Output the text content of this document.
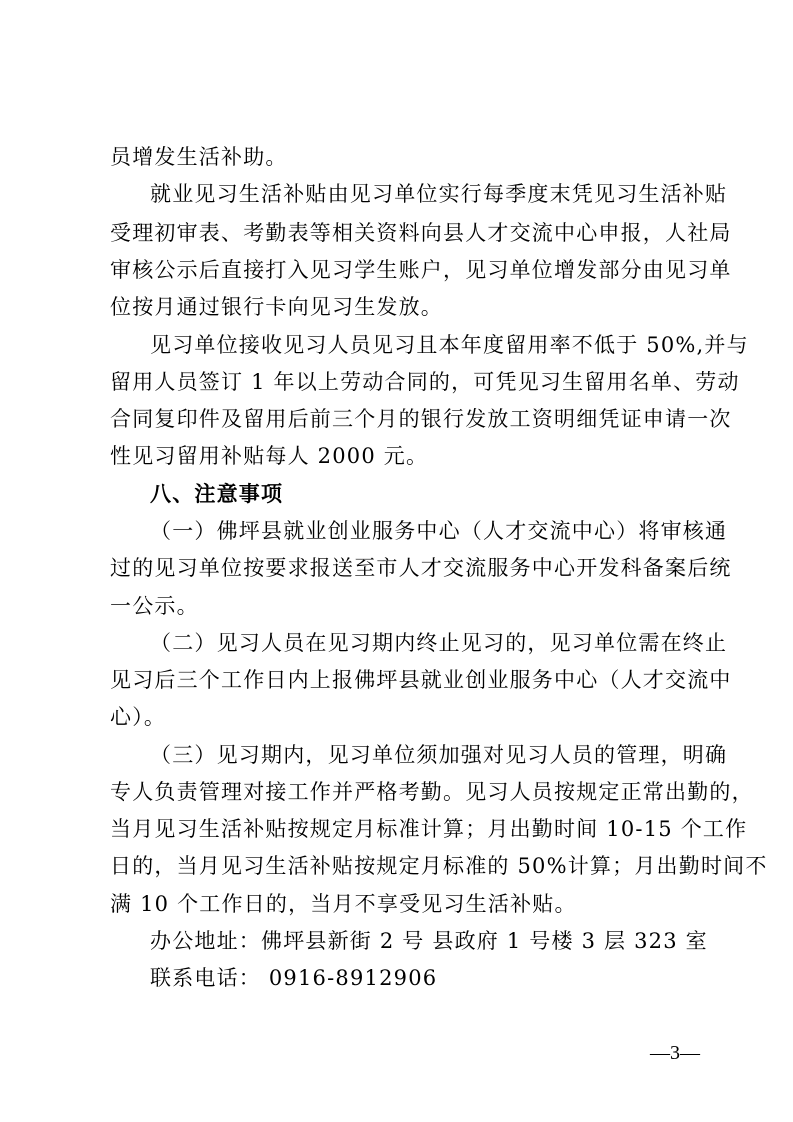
员增发生活补助。
就业见习生活补贴由见习单位实行每季度末凭见习生活补贴
受理初审表、考勤表等相关资料向县人才交流中心申报，人社局
审核公示后直接打入见习学生账户，见习单位增发部分由见习单
位按月通过银行卡向见习生发放。
见习单位接收见习人员见习且本年度留用率不低于 50%,并与
留用人员签订 1 年以上劳动合同的，可凭见习生留用名单、劳动
合同复印件及留用后前三个月的银行发放工资明细凭证申请一次
性见习留用补贴每人 2000 元。
八、注意事项
（一）佛坪县就业创业服务中心（人才交流中心）将审核通
过的见习单位按要求报送至市人才交流服务中心开发科备案后统
一公示。
（二）见习人员在见习期内终止见习的，见习单位需在终止
见习后三个工作日内上报佛坪县就业创业服务中心（人才交流中
心）。
（三）见习期内，见习单位须加强对见习人员的管理，明确
专人负责管理对接工作并严格考勤。见习人员按规定正常出勤的，
当月见习生活补贴按规定月标准计算；月出勤时间 10-15 个工作
日的，当月见习生活补贴按规定月标准的 50%计算；月出勤时间不
满 10 个工作日的，当月不享受见习生活补贴。
办公地址：佛坪县新街 2 号 县政府 1 号楼 3 层 323 室
联系电话： 0916-8912906
—3—
